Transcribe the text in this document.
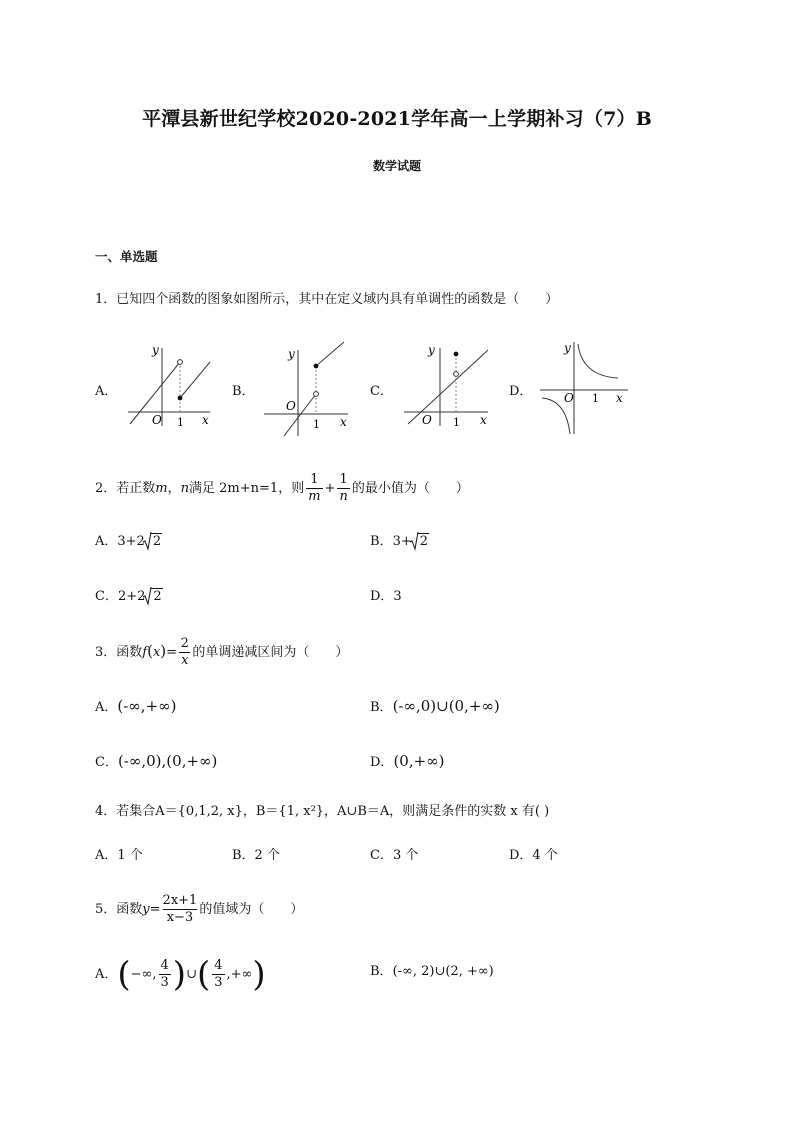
平潭县新世纪学校2020-2021学年高一上学期补习（7）B
数学试题
一、单选题
1．已知四个函数的图象如图所示，其中在定义域内具有单调性的函数是（　　）
A．
y
O 1 x
B．
y
O
1 x
C．
y
O 1 x
D．
y
O 1 x
2．若正数m，n满足 2m+n=1，则 $\frac{1}{m} + \frac{1}{n}$ 的最小值为（　　）
A．3+2 2	B．3+ 2
C．2+2 2	D．3
3．函数$f(x)= \frac{2}{x}$ 的单调递减区间为（　　）
A．(-∞,+∞)	B．(-∞,0)∪(0,+∞)
C．(-∞,0),(0,+∞)	D．(0,+∞)
4．若集合A＝{0,1,2, x}，B＝{1, x²}，A∪B＝A，则满足条件的实数 x 有( )
A．1 个	B．2 个	C．3 个	D．4 个
5．函数$y= \frac{2x+1}{x-3}$ 的值域为（　　）
A．(−∞, $\frac{4}{3}$ )∪( $\frac{4}{3}$ ,+∞)	B．(-∞, 2)∪(2, +∞)
